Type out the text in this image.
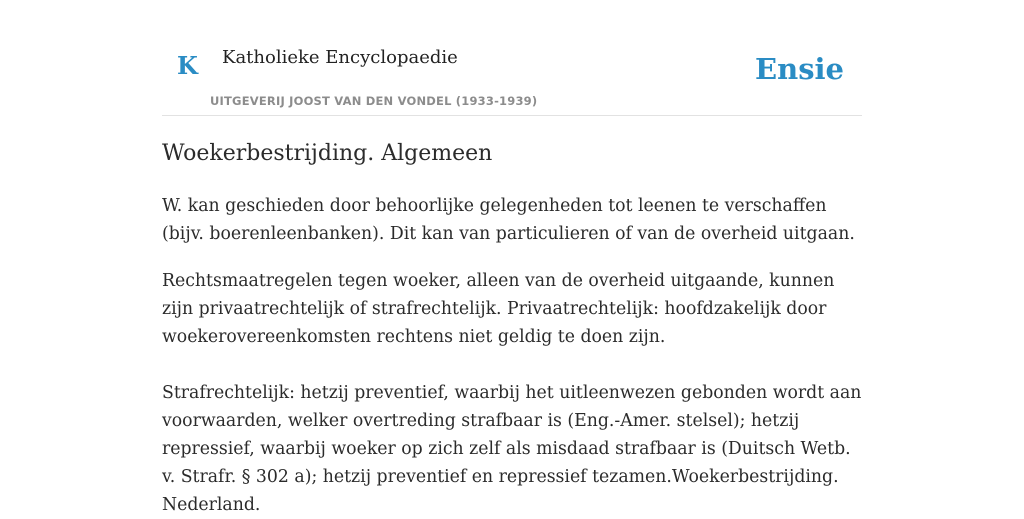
K Katholieke Encyclopaedie
UITGEVERIJ JOOST VAN DEN VONDEL (1933-1939)
Ensie
Woekerbestrijding. Algemeen

W. kan geschieden door behoorlijke gelegenheden tot leenen te verschaffen (bijv. boerenleenbanken). Dit kan van particulieren of van de overheid uitgaan.

Rechtsmaatregelen tegen woeker, alleen van de overheid uitgaande, kunnen zijn privaatrechtelijk of strafrechtelijk. Privaatrechtelijk: hoofdzakelijk door woekerovereenkomsten rechtens niet geldig te doen zijn.

Strafrechtelijk: hetzij preventief, waarbij het uitleenwezen gebonden wordt aan voorwaarden, welker overtreding strafbaar is (Eng.-Amer. stelsel); hetzij repressief, waarbij woeker op zich zelf als misdaad strafbaar is (Duitsch Wetb. v. Strafr. § 302 a); hetzij preventief en repressief tezamen.Woekerbestrijding. Nederland.
